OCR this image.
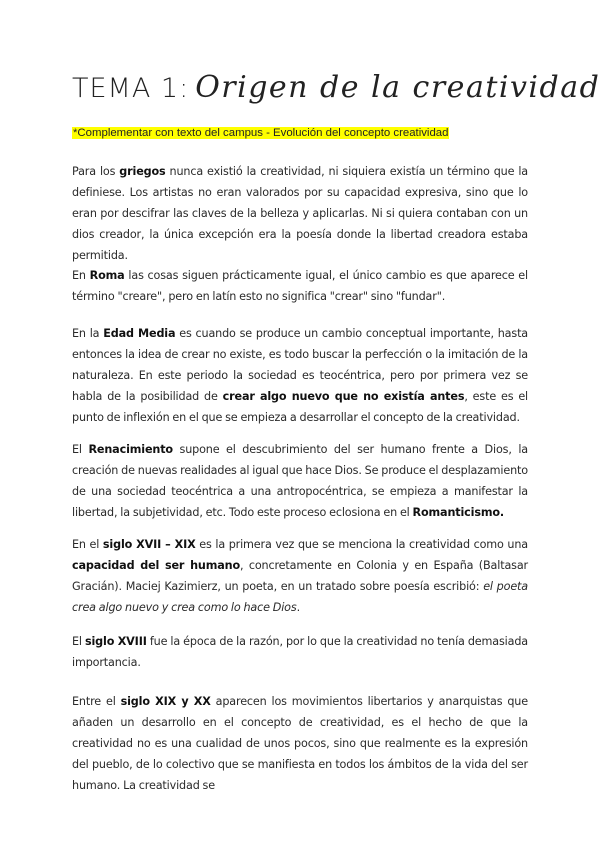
TEMA 1: Origen de la creatividad
*Complementar con texto del campus - Evolución del concepto creatividad

Para los griegos nunca existió la creatividad, ni siquiera existía un término que la definiese. Los artistas no eran valorados por su capacidad expresiva, sino que lo eran por descifrar las claves de la belleza y aplicarlas. Ni si quiera contaban con un dios creador, la única excepción era la poesía donde la libertad creadora estaba permitida.

En Roma las cosas siguen prácticamente igual, el único cambio es que aparece el término "creare", pero en latín esto no significa "crear" sino "fundar".

En la Edad Media es cuando se produce un cambio conceptual importante, hasta entonces la idea de crear no existe, es todo buscar la perfección o la imitación de la naturaleza. En este periodo la sociedad es teocéntrica, pero por primera vez se habla de la posibilidad de crear algo nuevo que no existía antes, este es el punto de inflexión en el que se empieza a desarrollar el concepto de la creatividad.

El Renacimiento supone el descubrimiento del ser humano frente a Dios, la creación de nuevas realidades al igual que hace Dios. Se produce el desplazamiento de una sociedad teocéntrica a una antropocéntrica, se empieza a manifestar la libertad, la subjetividad, etc. Todo este proceso eclosiona en el Romanticismo.

En el siglo XVII – XIX es la primera vez que se menciona la creatividad como una capacidad del ser humano, concretamente en Colonia y en España (Baltasar Gracián). Maciej Kazimierz, un poeta, en un tratado sobre poesía escribió: el poeta crea algo nuevo y crea como lo hace Dios.

El siglo XVIII fue la época de la razón, por lo que la creatividad no tenía demasiada importancia.

Entre el siglo XIX y XX aparecen los movimientos libertarios y anarquistas que añaden un desarrollo en el concepto de creatividad, es el hecho de que la creatividad no es una cualidad de unos pocos, sino que realmente es la expresión del pueblo, de lo colectivo que se manifiesta en todos los ámbitos de la vida del ser humano. La creatividad se
